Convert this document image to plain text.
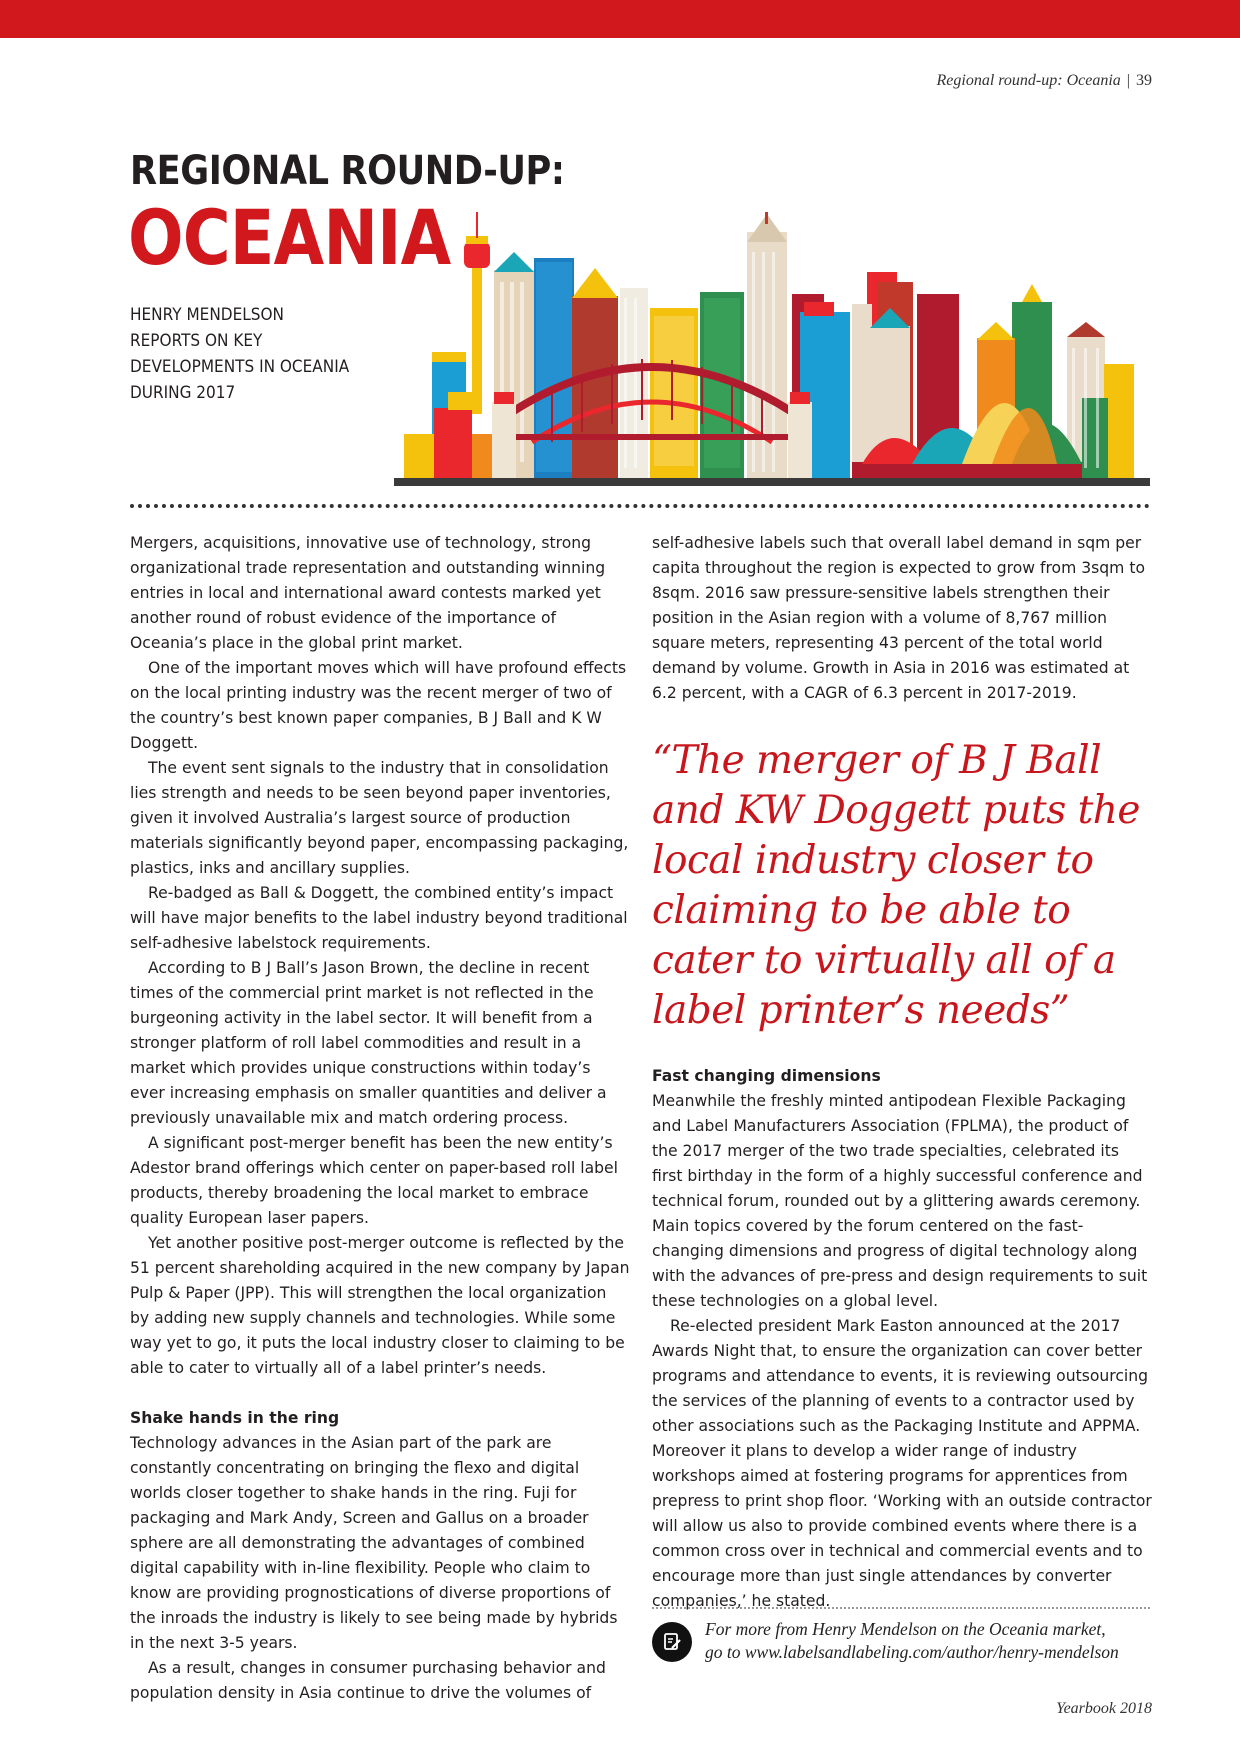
Regional round-up: Oceania | 39
REGIONAL ROUND-UP:
OCEANIA
HENRY MENDELSON REPORTS ON KEY DEVELOPMENTS IN OCEANIA DURING 2017

Mergers, acquisitions, innovative use of technology, strong organizational trade representation and outstanding winning entries in local and international award contests marked yet another round of robust evidence of the importance of Oceania’s place in the global print market.

One of the important moves which will have profound effects on the local printing industry was the recent merger of two of the country’s best known paper companies, B J Ball and K W Doggett.

The event sent signals to the industry that in consolidation lies strength and needs to be seen beyond paper inventories, given it involved Australia’s largest source of production materials significantly beyond paper, encompassing packaging, plastics, inks and ancillary supplies.

Re-badged as Ball & Doggett, the combined entity’s impact will have major benefits to the label industry beyond traditional self-adhesive labelstock requirements.

According to B J Ball’s Jason Brown, the decline in recent times of the commercial print market is not reflected in the burgeoning activity in the label sector. It will benefit from a stronger platform of roll label commodities and result in a market which provides unique constructions within today’s ever increasing emphasis on smaller quantities and deliver a previously unavailable mix and match ordering process.

A significant post-merger benefit has been the new entity’s Adestor brand offerings which center on paper-based roll label products, thereby broadening the local market to embrace quality European laser papers.

Yet another positive post-merger outcome is reflected by the 51 percent shareholding acquired in the new company by Japan Pulp & Paper (JPP). This will strengthen the local organization by adding new supply channels and technologies. While some way yet to go, it puts the local industry closer to claiming to be able to cater to virtually all of a label printer’s needs.

Shake hands in the ring

Technology advances in the Asian part of the park are constantly concentrating on bringing the flexo and digital worlds closer together to shake hands in the ring. Fuji for packaging and Mark Andy, Screen and Gallus on a broader sphere are all demonstrating the advantages of combined digital capability with in-line flexibility. People who claim to know are providing prognostications of diverse proportions of the inroads the industry is likely to see being made by hybrids in the next 3-5 years.

As a result, changes in consumer purchasing behavior and population density in Asia continue to drive the volumes of

self-adhesive labels such that overall label demand in sqm per capita throughout the region is expected to grow from 3sqm to 8sqm. 2016 saw pressure-sensitive labels strengthen their position in the Asian region with a volume of 8,767 million square meters, representing 43 percent of the total world demand by volume. Growth in Asia in 2016 was estimated at 6.2 percent, with a CAGR of 6.3 percent in 2017-2019.

“The merger of B J Ball and KW Doggett puts the local industry closer to claiming to be able to cater to virtually all of a label printer’s needs”

Fast changing dimensions

Meanwhile the freshly minted antipodean Flexible Packaging and Label Manufacturers Association (FPLMA), the product of the 2017 merger of the two trade specialties, celebrated its first birthday in the form of a highly successful conference and technical forum, rounded out by a glittering awards ceremony. Main topics covered by the forum centered on the fast-changing dimensions and progress of digital technology along with the advances of pre-press and design requirements to suit these technologies on a global level.

Re-elected president Mark Easton announced at the 2017 Awards Night that, to ensure the organization can cover better programs and attendance to events, it is reviewing outsourcing the services of the planning of events to a contractor used by other associations such as the Packaging Institute and APPMA. Moreover it plans to develop a wider range of industry workshops aimed at fostering programs for apprentices from prepress to print shop floor. ‘Working with an outside contractor will allow us also to provide combined events where there is a common cross over in technical and commercial events and to encourage more than just single attendances by converter companies,’ he stated.

For more from Henry Mendelson on the Oceania market,
go to www.labelsandlabeling.com/author/henry-mendelson
Yearbook 2018
